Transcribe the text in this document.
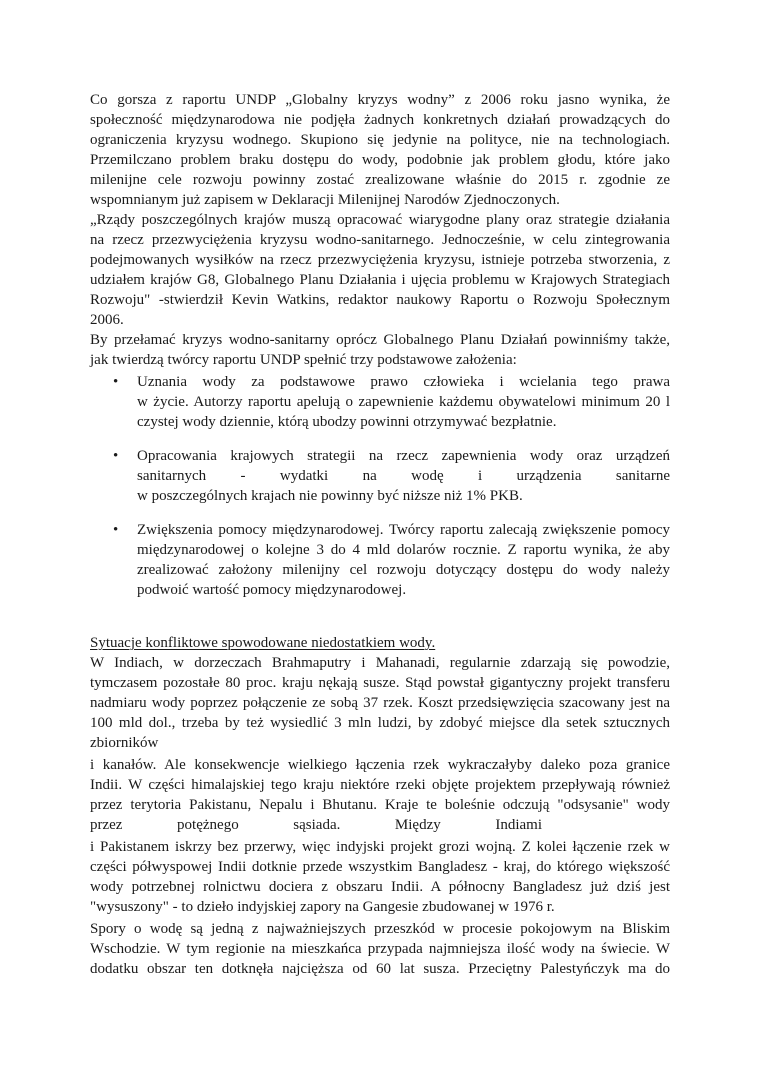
Co gorsza z raportu UNDP „Globalny kryzys wodny” z 2006 roku jasno wynika, że
społeczność międzynarodowa nie podjęła żadnych konkretnych działań prowadzących do
ograniczenia kryzysu wodnego. Skupiono się jedynie na polityce, nie na technologiach.
Przemilczano problem braku dostępu do wody, podobnie jak problem głodu, które jako
milenijne cele rozwoju powinny zostać zrealizowane właśnie do 2015 r. zgodnie ze
wspomnianym już zapisem w Deklaracji Milenijnej Narodów Zjednoczonych.
„Rządy poszczególnych krajów muszą opracować wiarygodne plany oraz strategie działania
na rzecz przezwyciężenia kryzysu wodno-sanitarnego. Jednocześnie, w celu zintegrowania
podejmowanych wysiłków na rzecz przezwyciężenia kryzysu, istnieje potrzeba stworzenia, z
udziałem krajów G8, Globalnego Planu Działania i ujęcia problemu w Krajowych Strategiach
Rozwoju" -stwierdził Kevin Watkins, redaktor naukowy Raportu o Rozwoju Społecznym
2006.
By przełamać kryzys wodno-sanitarny oprócz Globalnego Planu Działań powinniśmy także,
jak twierdzą twórcy raportu UNDP spełnić trzy podstawowe założenia:
•	Uznania wody za podstawowe prawo człowieka i wcielania tego prawa
w życie. Autorzy raportu apelują o zapewnienie każdemu obywatelowi minimum 20 l
czystej wody dziennie, którą ubodzy powinni otrzymywać bezpłatnie.
•	Opracowania krajowych strategii na rzecz zapewnienia wody oraz urządzeń
sanitarnych - wydatki na wodę i urządzenia sanitarne
w poszczególnych krajach nie powinny być niższe niż 1% PKB.
•	Zwiększenia pomocy międzynarodowej. Twórcy raportu zalecają zwiększenie pomocy
międzynarodowej o kolejne 3 do 4 mld dolarów rocznie. Z raportu wynika, że aby
zrealizować założony milenijny cel rozwoju dotyczący dostępu do wody należy
podwoić wartość pomocy międzynarodowej.
Sytuacje konfliktowe spowodowane niedostatkiem wody.
W Indiach, w dorzeczach Brahmaputry i Mahanadi, regularnie zdarzają się powodzie,
tymczasem pozostałe 80 proc. kraju nękają susze. Stąd powstał gigantyczny projekt transferu
nadmiaru wody poprzez połączenie ze sobą 37 rzek. Koszt przedsięwzięcia szacowany jest na
100 mld dol., trzeba by też wysiedlić 3 mln ludzi, by zdobyć miejsce dla setek sztucznych
zbiorników
i kanałów. Ale konsekwencje wielkiego łączenia rzek wykraczałyby daleko poza granice
Indii. W części himalajskiej tego kraju niektóre rzeki objęte projektem przepływają również
przez terytoria Pakistanu, Nepalu i Bhutanu. Kraje te boleśnie odczują "odsysanie" wody
przez potężnego sąsiada. Między Indiami
i Pakistanem iskrzy bez przerwy, więc indyjski projekt grozi wojną. Z kolei łączenie rzek w
części półwyspowej Indii dotknie przede wszystkim Bangladesz - kraj, do którego większość
wody potrzebnej rolnictwu dociera z obszaru Indii. A północny Bangladesz już dziś jest
"wysuszony" - to dzieło indyjskiej zapory na Gangesie zbudowanej w 1976 r.
Spory o wodę są jedną z najważniejszych przeszkód w procesie pokojowym na Bliskim
Wschodzie. W tym regionie na mieszkańca przypada najmniejsza ilość wody na świecie. W
dodatku obszar ten dotknęła najcięższa od 60 lat susza. Przeciętny Palestyńczyk ma do
